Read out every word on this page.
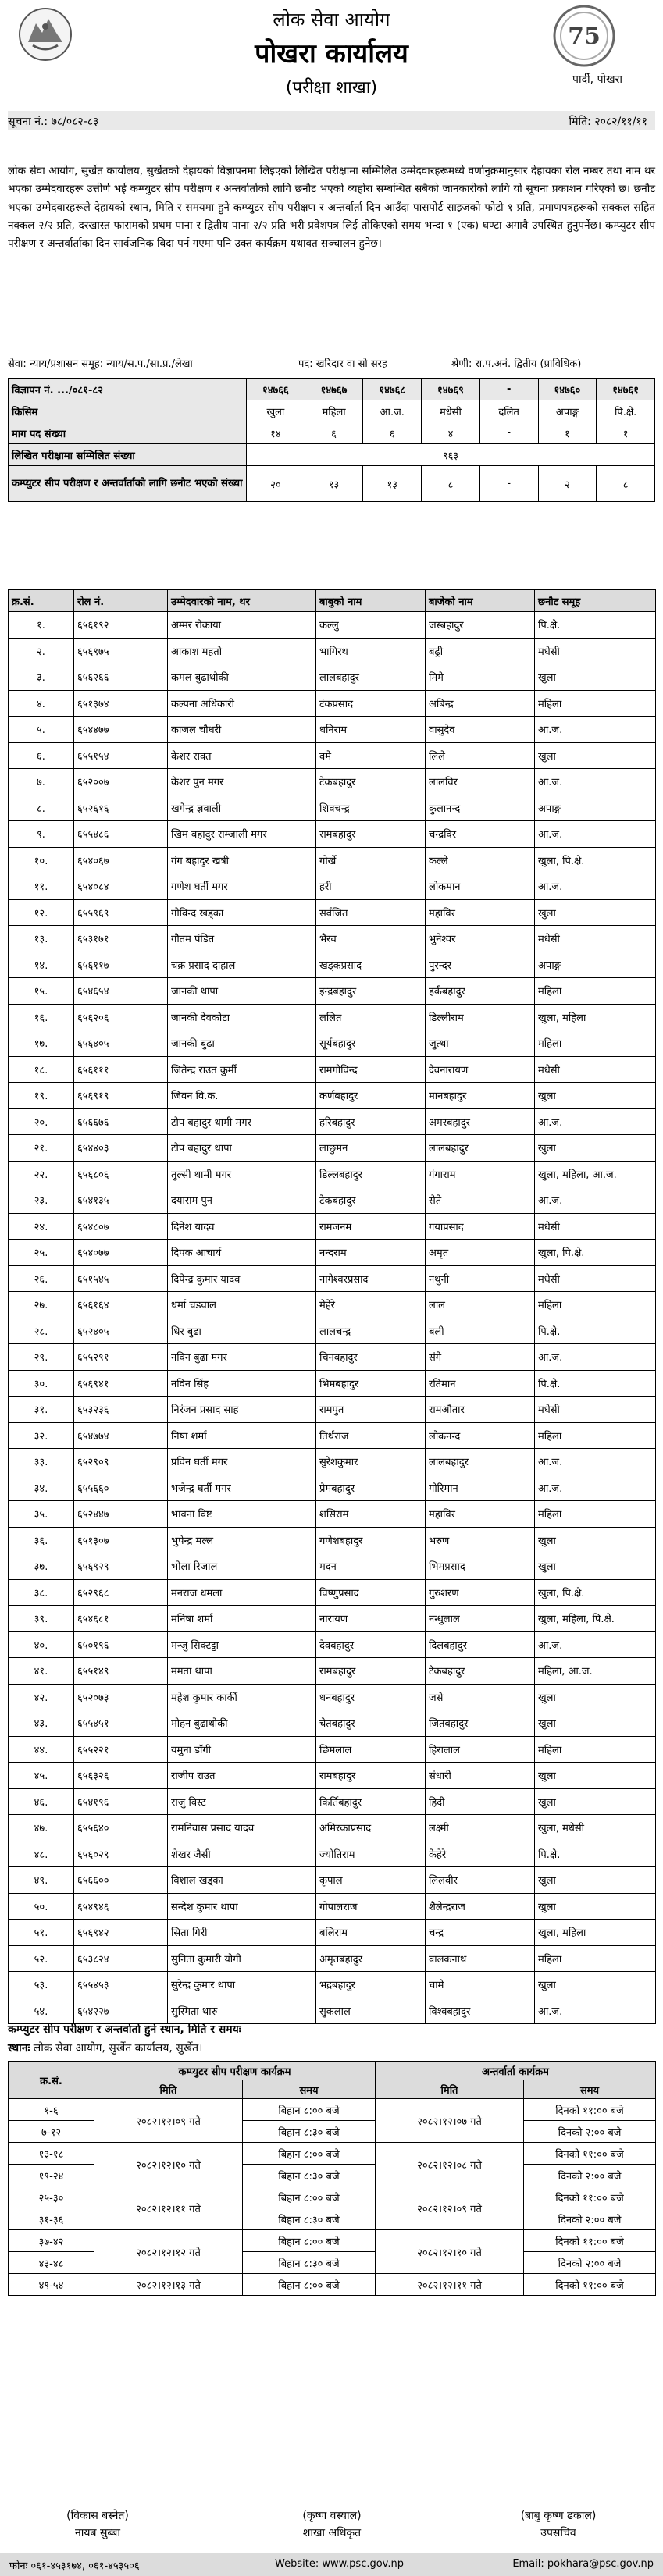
लोक सेवा आयोग
पोखरा कार्यालय
(परीक्षा शाखा)
75
पार्दी, पोखरा
सूचना नं.: ७८/०८२-८३	मिति: २०८२/११/११
लोक सेवा आयोग, सुर्खेत कार्यालय, सुर्खेतको देहायको विज्ञापनमा लिइएको लिखित परीक्षामा सम्मिलित उम्मेदवारहरूमध्ये वर्णानुक्रमानुसार देहायका रोल नम्बर तथा नाम थर भएका उम्मेदवारहरू उत्तीर्ण भई कम्प्युटर सीप परीक्षण र अन्तर्वार्ताको लागि छनौट भएको व्यहोरा सम्बन्धित सबैको जानकारीको लागि यो सूचना प्रकाशन गरिएको छ। छनौट भएका उम्मेदवारहरूले देहायको स्थान, मिति र समयमा हुने कम्प्युटर सीप परीक्षण र अन्तर्वार्ता दिन आउँदा पासपोर्ट साइजको फोटो १ प्रति, प्रमाणपत्रहरूको सक्कल सहित नक्कल २/२ प्रति, दरखास्त फारामको प्रथम पाना र द्वितीय पाना २/२ प्रति भरी प्रवेशपत्र लिई तोकिएको समय भन्दा १ (एक) घण्टा अगावै उपस्थित हुनुपर्नेछ। कम्प्युटर सीप परीक्षण र अन्तर्वार्ताका दिन सार्वजनिक बिदा पर्न गएमा पनि उक्त कार्यक्रम यथावत सञ्चालन हुनेछ।
सेवा: न्याय/प्रशासन समूह: न्याय/स.प./सा.प्र./लेखा	पद: खरिदार वा सो सरह	श्रेणी: रा.प.अनं. द्वितीय (प्राविधिक)
विज्ञापन नं. .../०८१-८२	१४७६६	१४७६७	१४७६८	१४७६९	-	१४७६०	१४७६१
किसिम	खुला	महिला	आ.ज.	मधेसी	दलित	अपाङ्ग	पि.क्षे.
माग पद संख्या	१४	६	६	४	-	१	१
लिखित परीक्षामा सम्मिलित संख्या	९६३						
कम्प्युटर सीप परीक्षण र अन्तर्वार्ताको लागि छनौट भएको संख्या	२०	१३	१३	८	-	२	८
क्र.सं.	रोल नं.	उम्मेदवारको नाम, थर	बाबुको नाम	बाजेको नाम	छनौट समूह
१.	६५६१९२	अम्मर रोकाया	कल्लु	जस्बहादुर	पि.क्षे.
२.	६५६९७५	आकाश महतो	भागिरथ	बढ्री	मधेसी
३.	६५६२६६	कमल बुढाथोकी	लालबहादुर	मिमे	खुला
४.	६५१३७४	कल्पना अधिकारी	टंकप्रसाद	अबिन्द्र	महिला
५.	६५४४७७	काजल चौधरी	धनिराम	वासुदेव	आ.ज.
६.	६५५१५४	केशर रावत	वमे	लिले	खुला
७.	६५२००७	केशर पुन मगर	टेकबहादुर	लालविर	आ.ज.
८.	६५२६१६	खगेन्द्र ज्ञवाली	शिवचन्द्र	कुलानन्द	अपाङ्ग
९.	६५५४८६	खिम बहादुर राम्जाली मगर	रामबहादुर	चन्द्रविर	आ.ज.
१०.	६५४०६७	गंग बहादुर खत्री	गोर्खे	कल्ले	खुला, पि.क्षे.
११.	६५४०८४	गणेश घर्ती मगर	हरी	लोकमान	आ.ज.
१२.	६५५९६९	गोविन्द खड्का	सर्वजित	महाविर	खुला
१३.	६५३१७१	गौतम पंडित	भैरव	भुनेश्वर	मधेसी
१४.	६५६११७	चक्र प्रसाद दाहाल	खड्कप्रसाद	पुरन्दर	अपाङ्ग
१५.	६५४६५४	जानकी थापा	इन्द्रबहादुर	हर्कबहादुर	महिला
१६.	६५६२०६	जानकी देवकोटा	ललित	डिल्लीराम	खुला, महिला
१७.	६५६४०५	जानकी बुढा	सूर्यबहादुर	जुत्था	महिला
१८.	६५६१११	जितेन्द्र राउत कुर्मी	रामगोविन्द	देवनारायण	मधेसी
१९.	६५६९१९	जिवन वि.क.	कर्णबहादुर	मानबहादुर	खुला
२०.	६५६६७६	टोप बहादुर थामी मगर	हरिबहादुर	अमरबहादुर	आ.ज.
२१.	६५४४०३	टोप बहादुर थापा	लाछुमन	लालबहादुर	खुला
२२.	६५६८०६	तुल्सी थामी मगर	डिल्लबहादुर	गंगाराम	खुला, महिला, आ.ज.
२३.	६५४१३५	दयाराम पुन	टेकबहादुर	सेते	आ.ज.
२४.	६५४८०७	दिनेश यादव	रामजनम	गयाप्रसाद	मधेसी
२५.	६५४०७७	दिपक आचार्य	नन्दराम	अमृत	खुला, पि.क्षे.
२६.	६५१५४५	दिपेन्द्र कुमार यादव	नागेश्वरप्रसाद	नथुनी	मधेसी
२७.	६५६१६४	धर्मा चडवाल	मेहेरे	लाल	महिला
२८.	६५२४०५	धिर बुढा	लालचन्द्र	बली	पि.क्षे.
२९.	६५५२९१	नविन बुढा मगर	चिनबहादुर	संगे	आ.ज.
३०.	६५६९४१	नविन सिंह	भिमबहादुर	रतिमान	पि.क्षे.
३१.	६५३२३६	निरंजन प्रसाद साह	रामपुत	रामऔतार	मधेसी
३२.	६५४७७४	निषा शर्मा	तिर्थराज	लोकनन्द	महिला
३३.	६५२९०९	प्रविन घर्ती मगर	सुरेशकुमार	लालबहादुर	आ.ज.
३४.	६५५६६०	भजेन्द्र घर्ती मगर	प्रेमबहादुर	गोरिमान	आ.ज.
३५.	६५२४४७	भावना विष्ट	शसिराम	महाविर	महिला
३६.	६५१३०७	भुपेन्द्र मल्ल	गणेशबहादुर	भरुण	खुला
३७.	६५६९२९	भोला रिजाल	मदन	भिमप्रसाद	खुला
३८.	६५२९६८	मनराज धमला	विष्णुप्रसाद	गुरुशरण	खुला, पि.क्षे.
३९.	६५४६८१	मनिषा शर्मा	नारायण	नन्धुलाल	खुला, महिला, पि.क्षे.
४०.	६५०१९६	मन्जु सिक्टट्टा	देवबहादुर	दिलबहादुर	आ.ज.
४१.	६५५१४९	ममता थापा	रामबहादुर	टेकबहादुर	महिला, आ.ज.
४२.	६५२०७३	महेश कुमार कार्की	धनबहादुर	जसे	खुला
४३.	६५५४५१	मोहन बुढाथोकी	चेतबहादुर	जितबहादुर	खुला
४४.	६५५२२१	यमुना डाँगी	छिमलाल	हिरालाल	महिला
४५.	६५६३२६	राजीप राउत	रामबहादुर	संधारी	खुला
४६.	६५४१९६	राजु विस्ट	किर्तिबहादुर	हिदी	खुला
४७.	६५५६४०	रामनिवास प्रसाद यादव	अमिरकाप्रसाद	लक्ष्मी	खुला, मधेसी
४८.	६५६०२९	शेखर जैसी	ज्योतिराम	केहेरे	पि.क्षे.
४९.	६५६६००	विशाल खड्का	कृपाल	लिलवीर	खुला
५०.	६५४९४६	सन्देश कुमार थापा	गोपालराज	शैलेन्द्रराज	खुला
५१.	६५६९४२	सिता गिरी	बलिराम	चन्द्र	खुला, महिला
५२.	६५३८२४	सुनिता कुमारी योगी	अमृतबहादुर	वालकनाथ	महिला
५३.	६५५४५३	सुरेन्द्र कुमार थापा	भद्रबहादुर	चामे	खुला
५४.	६५४२२७	सुस्मिता थारु	सुकलाल	विश्वबहादुर	आ.ज.
कम्प्युटर सीप परीक्षण र अन्तर्वार्ता हुने स्थान, मिति र समयः
स्थानः लोक सेवा आयोग, सुर्खेत कार्यालय, सुर्खेत।
क्र.सं.	कम्प्युटर सीप परीक्षण कार्यक्रम		अन्तर्वार्ता कार्यक्रम	
	मिति	समय	मिति	समय
१-६	२०८२।१२।०९ गते	बिहान ८:०० बजे	२०८२।१२।०७ गते	दिनको ११:०० बजे
७-१२		बिहान ८:३० बजे		दिनको २:०० बजे
१३-१८	२०८२।१२।१० गते	बिहान ८:०० बजे	२०८२।१२।०८ गते	दिनको ११:०० बजे
१९-२४		बिहान ८:३० बजे		दिनको २:०० बजे
२५-३०	२०८२।१२।११ गते	बिहान ८:०० बजे	२०८२।१२।०९ गते	दिनको ११:०० बजे
३१-३६		बिहान ८:३० बजे		दिनको २:०० बजे
३७-४२	२०८२।१२।१२ गते	बिहान ८:०० बजे	२०८२।१२।१० गते	दिनको ११:०० बजे
४३-४८		बिहान ८:३० बजे		दिनको २:०० बजे
४९-५४	२०८२।१२।१३ गते	बिहान ८:०० बजे	२०८२।१२।११ गते	दिनको ११:०० बजे
(विकास बस्नेत)
नायब सुब्बा
(कृष्ण वस्याल)
शाखा अधिकृत
(बाबु कृष्ण ढकाल)
उपसचिव
फोनः ०६१-४५३१७४, ०६१-४५३५०६	Website: www.psc.gov.np	Email: pokhara@psc.gov.np
